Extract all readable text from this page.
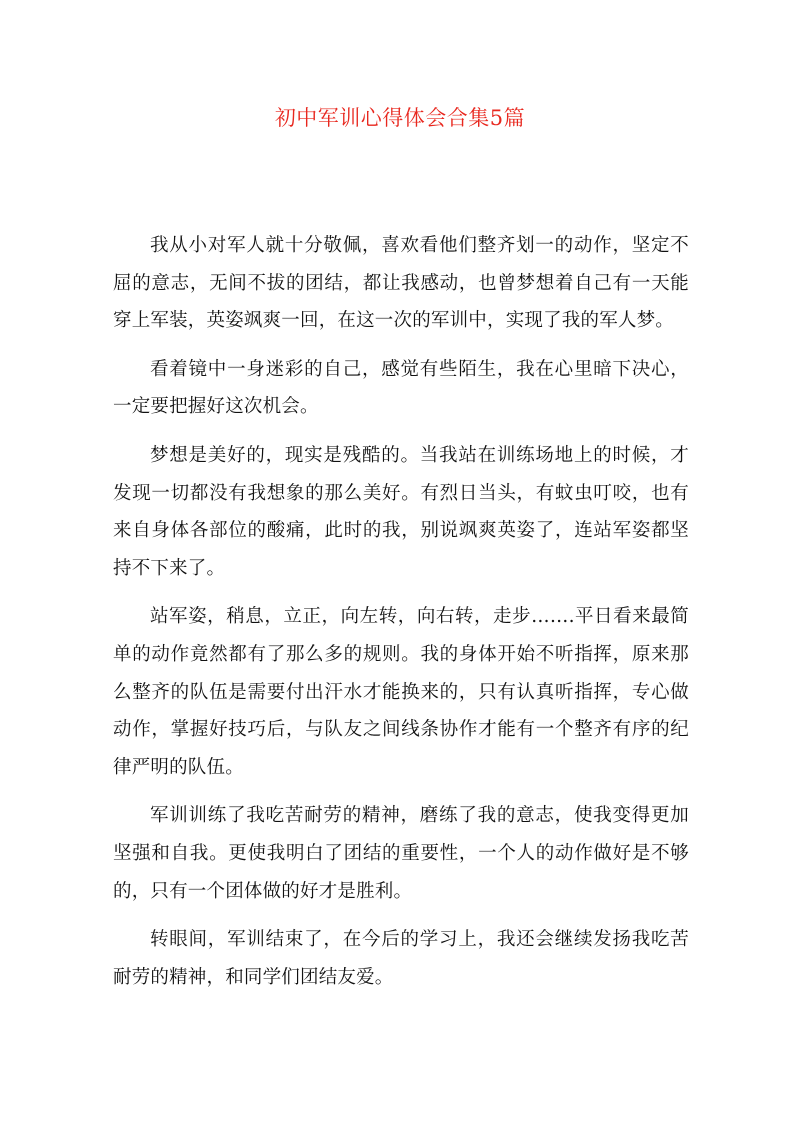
初中军训心得体会合集5篇

我从小对军人就十分敬佩，喜欢看他们整齐划一的动作，坚定不屈的意志，无间不拔的团结，都让我感动，也曾梦想着自己有一天能穿上军装，英姿飒爽一回，在这一次的军训中，实现了我的军人梦。

看着镜中一身迷彩的自己，感觉有些陌生，我在心里暗下决心，一定要把握好这次机会。

梦想是美好的，现实是残酷的。当我站在训练场地上的时候，才发现一切都没有我想象的那么美好。有烈日当头，有蚊虫叮咬，也有来自身体各部位的酸痛，此时的我，别说飒爽英姿了，连站军姿都坚持不下来了。

站军姿，稍息，立正，向左转，向右转，走步…….平日看来最简单的动作竟然都有了那么多的规则。我的身体开始不听指挥，原来那么整齐的队伍是需要付出汗水才能换来的，只有认真听指挥，专心做动作，掌握好技巧后，与队友之间线条协作才能有一个整齐有序的纪律严明的队伍。

军训训练了我吃苦耐劳的精神，磨练了我的意志，使我变得更加坚强和自我。更使我明白了团结的重要性，一个人的动作做好是不够的，只有一个团体做的好才是胜利。

转眼间，军训结束了，在今后的学习上，我还会继续发扬我吃苦耐劳的精神，和同学们团结友爱。
